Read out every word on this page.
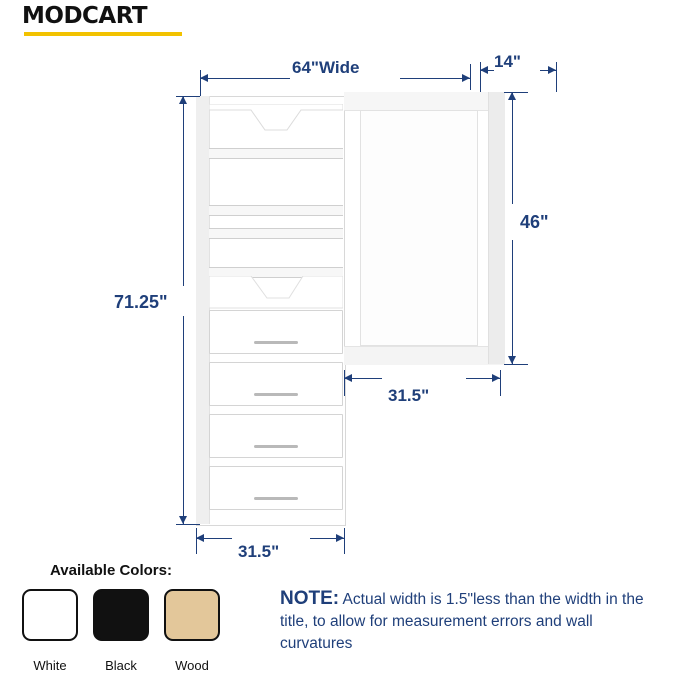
MODCART
64"Wide	14"
71.25"
46"
31.5"
31.5"
Available Colors:
White	Black	Wood
NOTE: Actual width is 1.5"less than the width in the title, to allow for measurement errors and wall curvatures
